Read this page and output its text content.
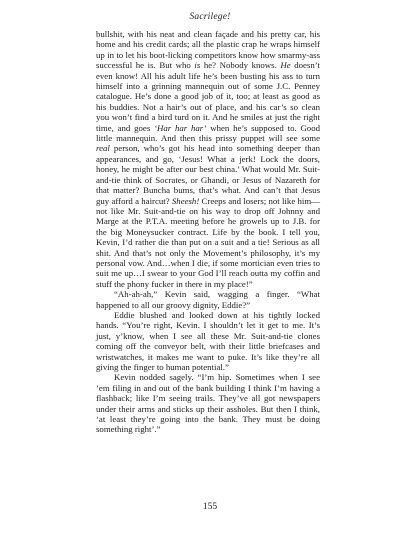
Sacrilege!

bullshit, with his neat and clean façade and his pretty car, his home and his credit cards; all the plastic crap he wraps himself up in to let his boot-licking competitors know how smarmy-ass successful he is. But who is he? Nobody knows. He doesn’t even know! All his adult life he’s been busting his ass to turn himself into a grinning mannequin out of some J.C. Penney catalogue. He’s done a good job of it, too; at least as good as his buddies. Not a hair’s out of place, and his car’s so clean you won’t find a bird turd on it. And he smiles at just the right time, and goes ‘Har har har’ when he’s supposed to. Good little mannequin. And then this prissy puppet will see some real person, who’s got his head into something deeper than appearances, and go, ‘Jesus! What a jerk! Lock the doors, honey, he might be after our best china.’ What would Mr. Suit-and-tie think of Socrates, or Ghandi, or Jesus of Nazareth for that matter? Buncha bums, that’s what. And can’t that Jesus guy afford a haircut? Sheesh! Creeps and losers; not like him—not like Mr. Suit-and-tie on his way to drop off Johnny and Marge at the P.T.A. meeting before he growels up to J.B. for the big Moneysucker contract. Life by the book. I tell you, Kevin, I’d rather die than put on a suit and a tie! Serious as all shit. And that’s not only the Movement’s philosophy, it’s my personal vow. And…when I die, if some mortician even tries to suit me up…I swear to your God I’ll reach outta my coffin and stuff the phony fucker in there in my place!”

“Ah-ah-ah,” Kevin said, wagging a finger. “What happened to all our groovy dignity, Eddie?”

Eddie blushed and looked down at his tightly locked hands. “You’re right, Kevin. I shouldn’t let it get to me. It’s just, y’know, when I see all these Mr. Suit-and-tie clones coming off the conveyor belt, with their little briefcases and wristwatches, it makes me want to puke. It’s like they’re all giving the finger to human potential.”

Kevin nodded sagely. “I’m hip. Sometimes when I see ’em filing in and out of the bank building I think I’m having a flashback; like I’m seeing trails. They’ve all got newspapers under their arms and sticks up their assholes. But then I think, ‘at least they’re going into the bank. They must be doing something right’.”

155
